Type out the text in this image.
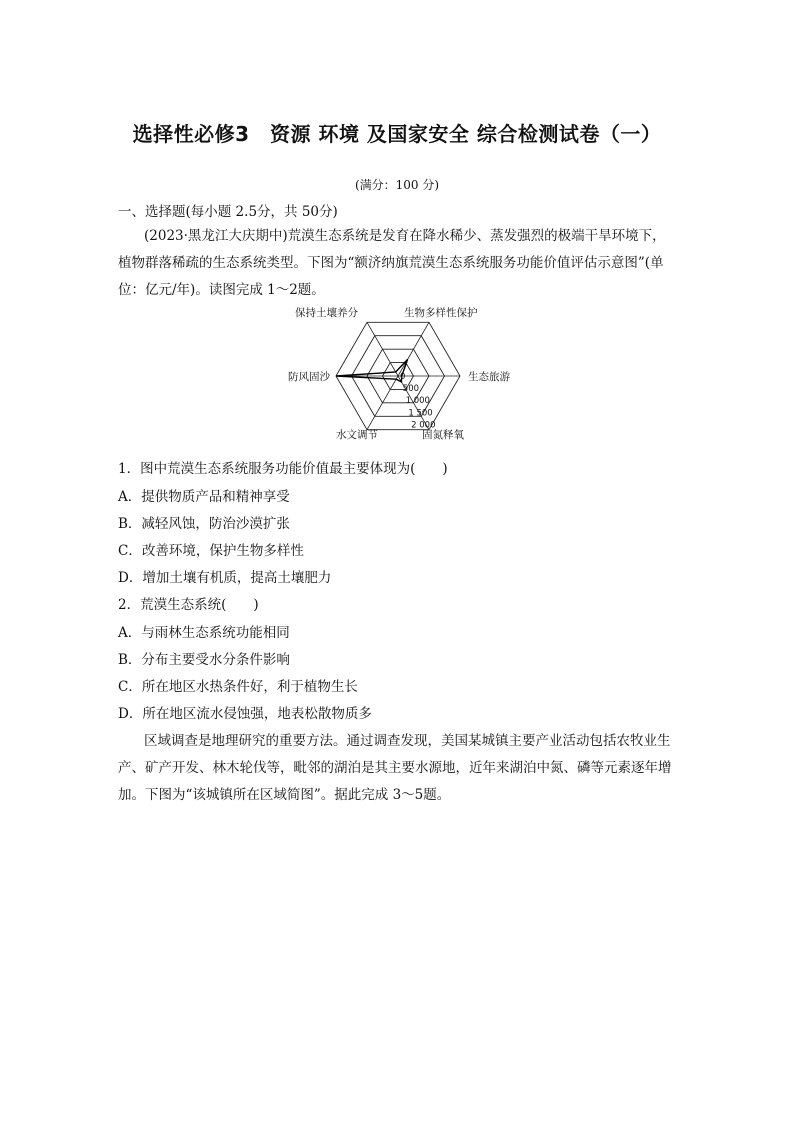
选择性必修3　资源 环境 及国家安全 综合检测试卷（一）
(满分：100 分)
一、选择题(每小题 2.5分，共 50分)
(2023·黑龙江大庆期中)荒漠生态系统是发育在降水稀少、蒸发强烈的极端干旱环境下，植物群落稀疏的生态系统类型。下图为“额济纳旗荒漠生态系统服务功能价值评估示意图”(单位：亿元/年)。读图完成 1～2题。
0
500
1 000
1 500
2 000
保持土壤养分	生物多样性保护
生态旅游
固氮释氧
水文调节
防风固沙
1．图中荒漠生态系统服务功能价值最主要体现为(　　)
A．提供物质产品和精神享受
B．减轻风蚀，防治沙漠扩张
C．改善环境，保护生物多样性
D．增加土壤有机质，提高土壤肥力
2．荒漠生态系统(　　)
A．与雨林生态系统功能相同
B．分布主要受水分条件影响
C．所在地区水热条件好，利于植物生长
D．所在地区流水侵蚀强，地表松散物质多
区域调查是地理研究的重要方法。通过调查发现，美国某城镇主要产业活动包括农牧业生产、矿产开发、林木轮伐等，毗邻的湖泊是其主要水源地，近年来湖泊中氮、磷等元素逐年增加。下图为“该城镇所在区域简图”。据此完成 3～5题。
